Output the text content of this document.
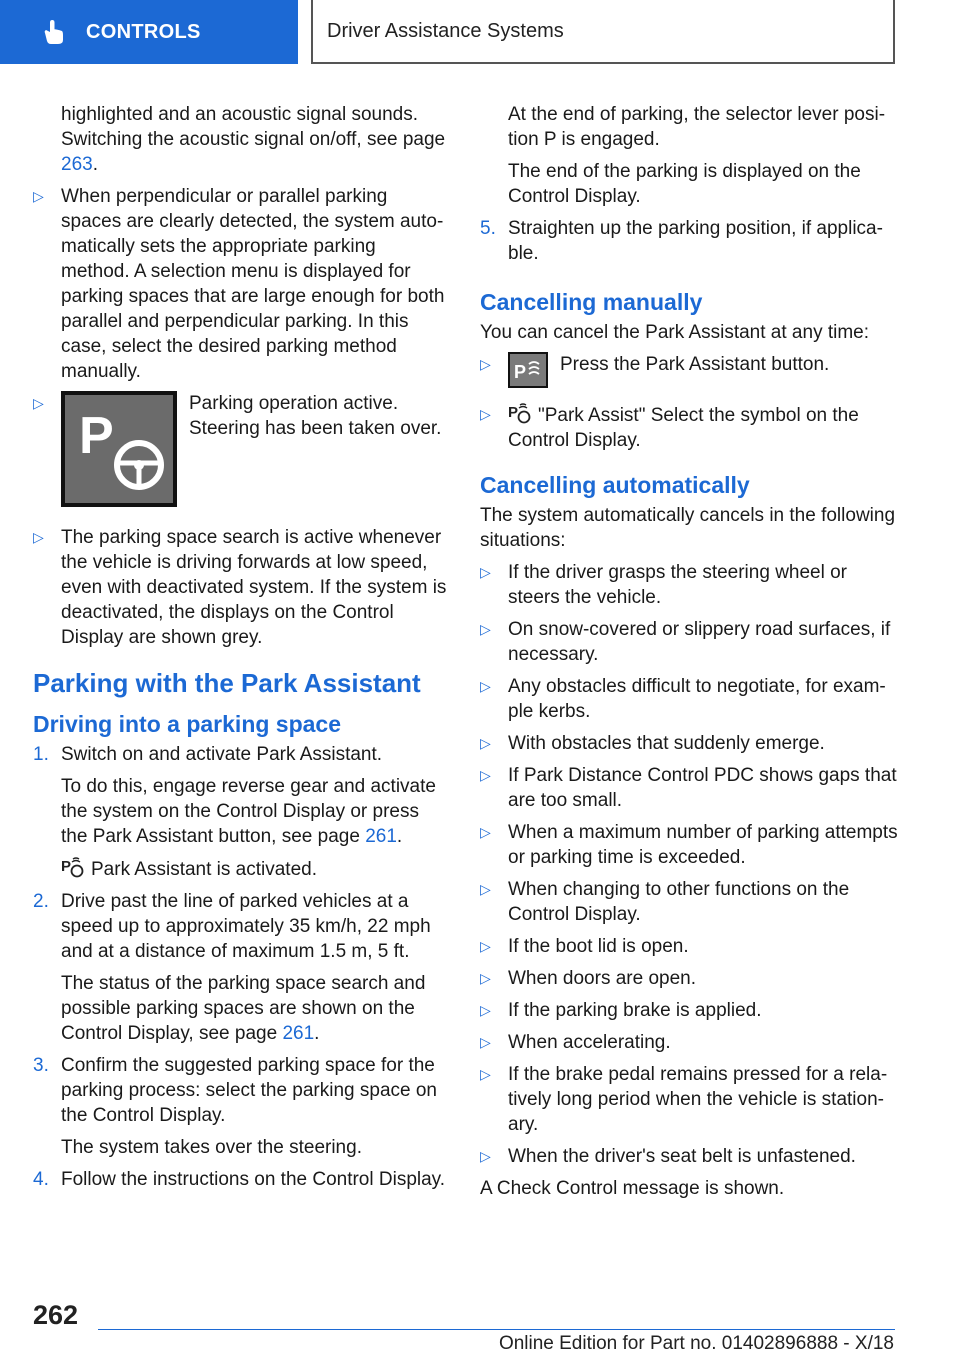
CONTROLS	Driver Assistance Systems

highlighted and an acoustic signal sounds. Switching the acoustic signal on/off, see page 263.

▷ When perpendicular or parallel parking spaces are clearly detected, the system automatically sets the appropriate parking method. A selection menu is displayed for parking spaces that are large enough for both parallel and perpendicular parking. In this case, select the desired parking method manually.
▷
P
Parking operation active. Steering has been taken over.
▷ The parking space search is active whenever the vehicle is driving forwards at low speed, even with deactivated system. If the system is deactivated, the displays on the Control Display are shown grey.
Parking with the Park Assistant
Driving into a parking space
1. Switch on and activate Park Assistant.

To do this, engage reverse gear and activate the system on the Control Display or press the Park Assistant button, see page 261.

P Park Assistant is activated.

2. Drive past the line of parked vehicles at a speed up to approximately 35 km/h, 22 mph and at a distance of maximum 1.5 m, 5 ft.

The status of the parking space search and possible parking spaces are shown on the Control Display, see page 261.

3. Confirm the suggested parking space for the parking process: select the parking space on the Control Display.

The system takes over the steering.

4. Follow the instructions on the Control Display.

At the end of parking, the selector lever position P is engaged.

The end of the parking is displayed on the Control Display.

5. Straighten up the parking position, if applicable.
Cancelling manually

You can cancel the Park Assistant at any time:

▷	P Press the Park Assistant button.
▷	P "Park Assist" Select the symbol on the Control Display.
Cancelling automatically

The system automatically cancels in the following situations:

▷ If the driver grasps the steering wheel or steers the vehicle.
▷ On snow-covered or slippery road surfaces, if necessary.
▷ Any obstacles difficult to negotiate, for example kerbs.
▷ With obstacles that suddenly emerge.
▷ If Park Distance Control PDC shows gaps that are too small.
▷ When a maximum number of parking attempts or parking time is exceeded.
▷ When changing to other functions on the Control Display.
▷ If the boot lid is open.
▷ When doors are open.
▷ If the parking brake is applied.
▷ When accelerating.
▷ If the brake pedal remains pressed for a relatively long period when the vehicle is stationary.
▷ When the driver's seat belt is unfastened.

A Check Control message is shown.

262
Online Edition for Part no. 01402896888 - X/18
